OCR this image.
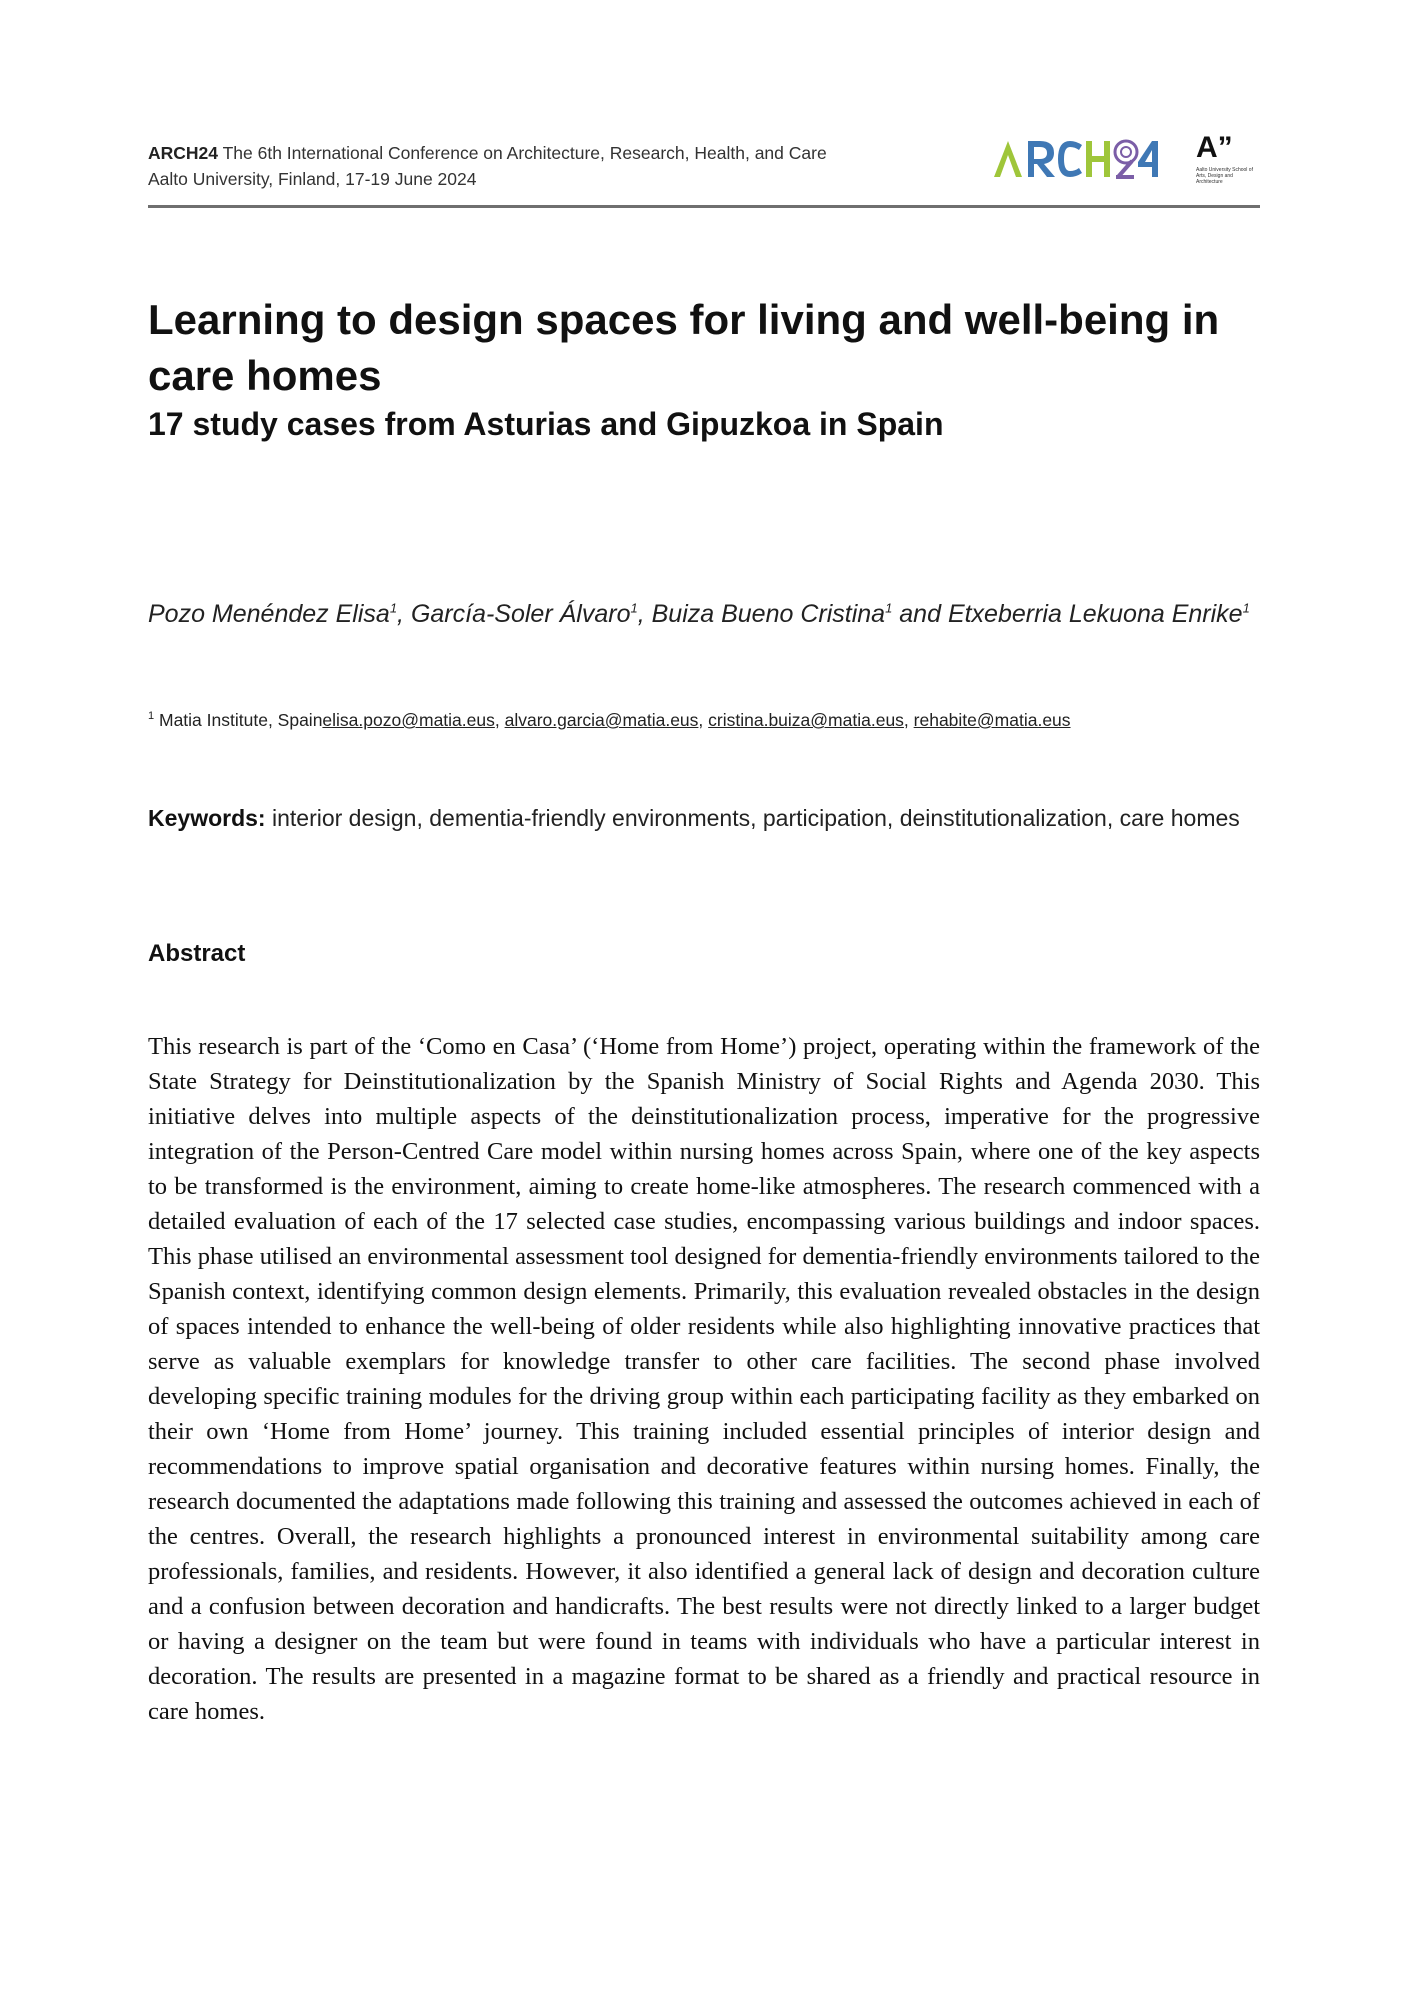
ARCH24 The 6th International Conference on Architecture, Research, Health, and Care
Aalto University, Finland, 17-19 June 2024
A”
Aalto University School of Arts, Design and Architecture
Learning to design spaces for living and well-being in care homes
17 study cases from Asturias and Gipuzkoa in Spain
Pozo Menéndez Elisa$^1$, García-Soler Álvaro$^1$, Buiza Bueno Cristina$^1$ and Etxeberria Lekuona Enrike$^1$
$^1$ Matia Institute, Spainelisa.pozo@matia.eus, alvaro.garcia@matia.eus, cristina.buiza@matia.eus, rehabite@matia.eus
Keywords: interior design, dementia-friendly environments, participation, deinstitutionalization, care homes
Abstract

This research is part of the ‘Como en Casa’ (‘Home from Home’) project, operating within the framework of the State Strategy for Deinstitutionalization by the Spanish Ministry of Social Rights and Agenda 2030. This initiative delves into multiple aspects of the deinstitutionalization process, imperative for the progressive integration of the Person-Centred Care model within nursing homes across Spain, where one of the key aspects to be transformed is the environment, aiming to create home-like atmospheres. The research commenced with a detailed evaluation of each of the 17 selected case studies, encompassing various buildings and indoor spaces. This phase utilised an environmental assessment tool designed for dementia-friendly environments tailored to the Spanish context, identifying common design elements. Primarily, this evaluation revealed obstacles in the design of spaces intended to enhance the well-being of older residents while also highlighting innovative practices that serve as valuable exemplars for knowledge transfer to other care facilities. The second phase involved developing specific training modules for the driving group within each participating facility as they embarked on their own ‘Home from Home’ journey. This training included essential principles of interior design and recommendations to improve spatial organisation and decorative features within nursing homes. Finally, the research documented the adaptations made following this training and assessed the outcomes achieved in each of the centres. Overall, the research highlights a pronounced interest in environmental suitability among care professionals, families, and residents. However, it also identified a general lack of design and decoration culture and a confusion between decoration and handicrafts. The best results were not directly linked to a larger budget or having a designer on the team but were found in teams with individuals who have a particular interest in decoration. The results are presented in a magazine format to be shared as a friendly and practical resource in care homes.
